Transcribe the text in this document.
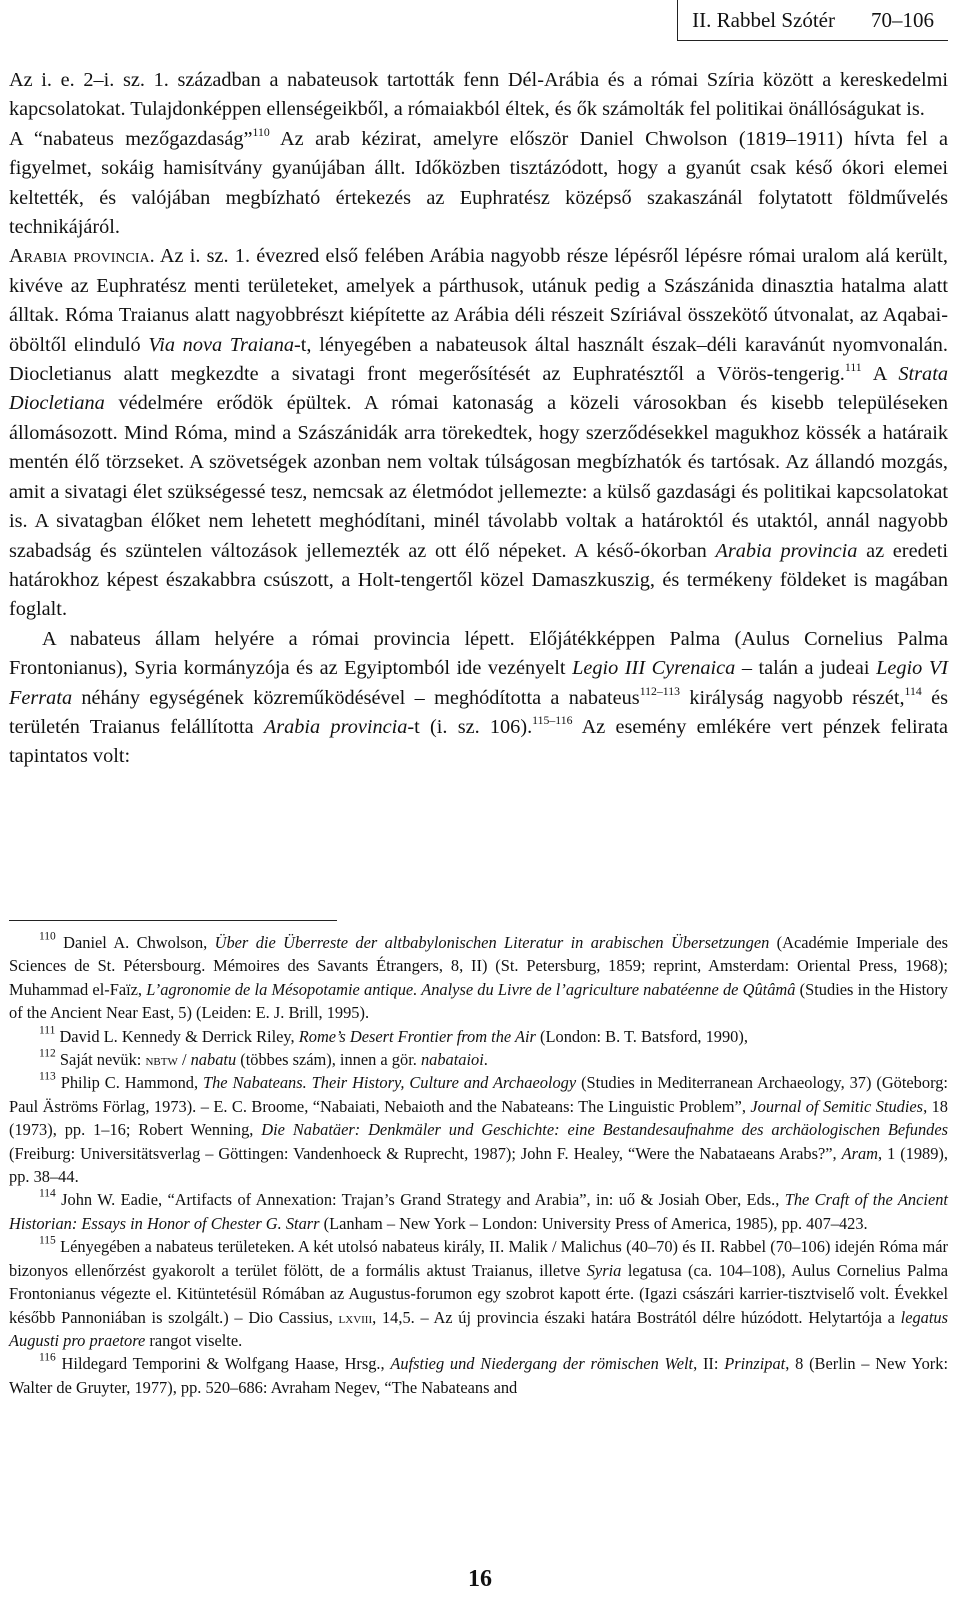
II. Rabbel Szótér 70–106

Az i. e. 2–i. sz. 1. században a nabateusok tartották fenn Dél-Arábia és a római Szíria között a kereskedelmi kapcsolatokat. Tulajdonképpen ellenségeikből, a rómaiakból éltek, és ők számolták fel politikai önállóságukat is.

A “nabateus mezőgazdaság”$^{110}$ Az arab kézirat, amelyre először Daniel Chwolson (1819–1911) hívta fel a figyelmet, sokáig hamisítvány gyanújában állt. Időközben tisztázódott, hogy a gyanút csak késő ókori elemei keltették, és valójában megbízható értekezés az Euphratész középső szakaszánál folytatott földművelés technikájáról.

Arabia provincia. Az i. sz. 1. évezred első felében Arábia nagyobb része lépésről lépésre római uralom alá került, kivéve az Euphratész menti területeket, amelyek a párthusok, utánuk pedig a Szászánida dinasztia hatalma alatt álltak. Róma Traianus alatt nagyobbrészt kiépítette az Arábia déli részeit Szíriával összekötő útvonalat, az Aqabai-öböltől elinduló Via nova Traiana-t, lényegében a nabateusok által használt észak–déli karavánút nyomvonalán. Diocletianus alatt megkezdte a sivatagi front megerősítését az Euphratésztől a Vörös-tengerig.$^{111}$ A Strata Diocletiana védelmére erődök épültek. A római katonaság a közeli városokban és kisebb településeken állomásozott. Mind Róma, mind a Szászánidák arra törekedtek, hogy szerződésekkel magukhoz kössék a határaik mentén élő törzseket. A szövetségek azonban nem voltak túlságosan megbízhatók és tartósak. Az állandó mozgás, amit a sivatagi élet szükségessé tesz, nemcsak az életmódot jellemezte: a külső gazdasági és politikai kapcsolatokat is. A sivatagban élőket nem lehetett meghódítani, minél távolabb voltak a határoktól és utaktól, annál nagyobb szabadság és szüntelen változások jellemezték az ott élő népeket. A késő-ókorban Arabia provincia az eredeti határokhoz képest északabbra csúszott, a Holt-tengertől közel Damaszkuszig, és termékeny földeket is magában foglalt.

A nabateus állam helyére a római provincia lépett. Előjátékképpen Palma (Aulus Cornelius Palma Frontonianus), Syria kormányzója és az Egyiptomból ide vezényelt Legio III Cyrenaica – talán a judeai Legio VI Ferrata néhány egységének közreműködésével – meghódította a nabateus$^{112-113}$ királyság nagyobb részét,$^{114}$ és területén Traianus felállította Arabia provincia-t (i. sz. 106).$^{115-116}$ Az esemény emlékére vert pénzek felirata tapintatos volt:

$^{110}$ Daniel A. Chwolson, Über die Überreste der altbabylonischen Literatur in arabischen Übersetzungen (Académie Imperiale des Sciences de St. Pétersbourg. Mémoires des Savants Étrangers, 8, II) (St. Petersburg, 1859; reprint, Amsterdam: Oriental Press, 1968); Muhammad el-Faïz, L’agronomie de la Mésopotamie antique. Analyse du Livre de l’agriculture nabatéenne de Qûtâmâ (Studies in the History of the Ancient Near East, 5) (Leiden: E. J. Brill, 1995).

$^{111}$ David L. Kennedy & Derrick Riley, Rome’s Desert Frontier from the Air (London: B. T. Batsford, 1990),

$^{112}$ Saját nevük: nbtw / nabatu (többes szám), innen a gör. nabataioi.

$^{113}$ Philip C. Hammond, The Nabateans. Their History, Culture and Archaeology (Studies in Mediterranean Archaeology, 37) (Göteborg: Paul Äströms Förlag, 1973). – E. C. Broome, “Nabaiati, Nebaioth and the Nabateans: The Linguistic Problem”, Journal of Semitic Studies, 18 (1973), pp. 1–16; Robert Wenning, Die Nabatäer: Denkmäler und Geschichte: eine Bestandesaufnahme des archäologischen Befundes (Freiburg: Universitätsverlag – Göttingen: Vandenhoeck & Ruprecht, 1987); John F. Healey, “Were the Nabataeans Arabs?”, Aram, 1 (1989), pp. 38–44.

$^{114}$ John W. Eadie, “Artifacts of Annexation: Trajan’s Grand Strategy and Arabia”, in: uő & Josiah Ober, Eds., The Craft of the Ancient Historian: Essays in Honor of Chester G. Starr (Lanham – New York – London: University Press of America, 1985), pp. 407–423.

$^{115}$ Lényegében a nabateus területeken. A két utolsó nabateus király, II. Malik / Malichus (40–70) és II. Rabbel (70–106) idején Róma már bizonyos ellenőrzést gyakorolt a terület fölött, de a formális aktust Traianus, illetve Syria legatusa (ca. 104–108), Aulus Cornelius Palma Frontonianus végezte el. Kitüntetésül Rómában az Augustus-forumon egy szobrot kapott érte. (Igazi császári karrier-tisztviselő volt. Évekkel később Pannoniában is szolgált.) – Dio Cassius, lxviii, 14,5. – Az új provincia északi határa Bostrától délre húzódott. Helytartója a legatus Augusti pro praetore rangot viselte.

$^{116}$ Hildegard Temporini & Wolfgang Haase, Hrsg., Aufstieg und Niedergang der römischen Welt, II: Prinzipat, 8 (Berlin – New York: Walter de Gruyter, 1977), pp. 520–686: Avraham Negev, “The Nabateans and

16
